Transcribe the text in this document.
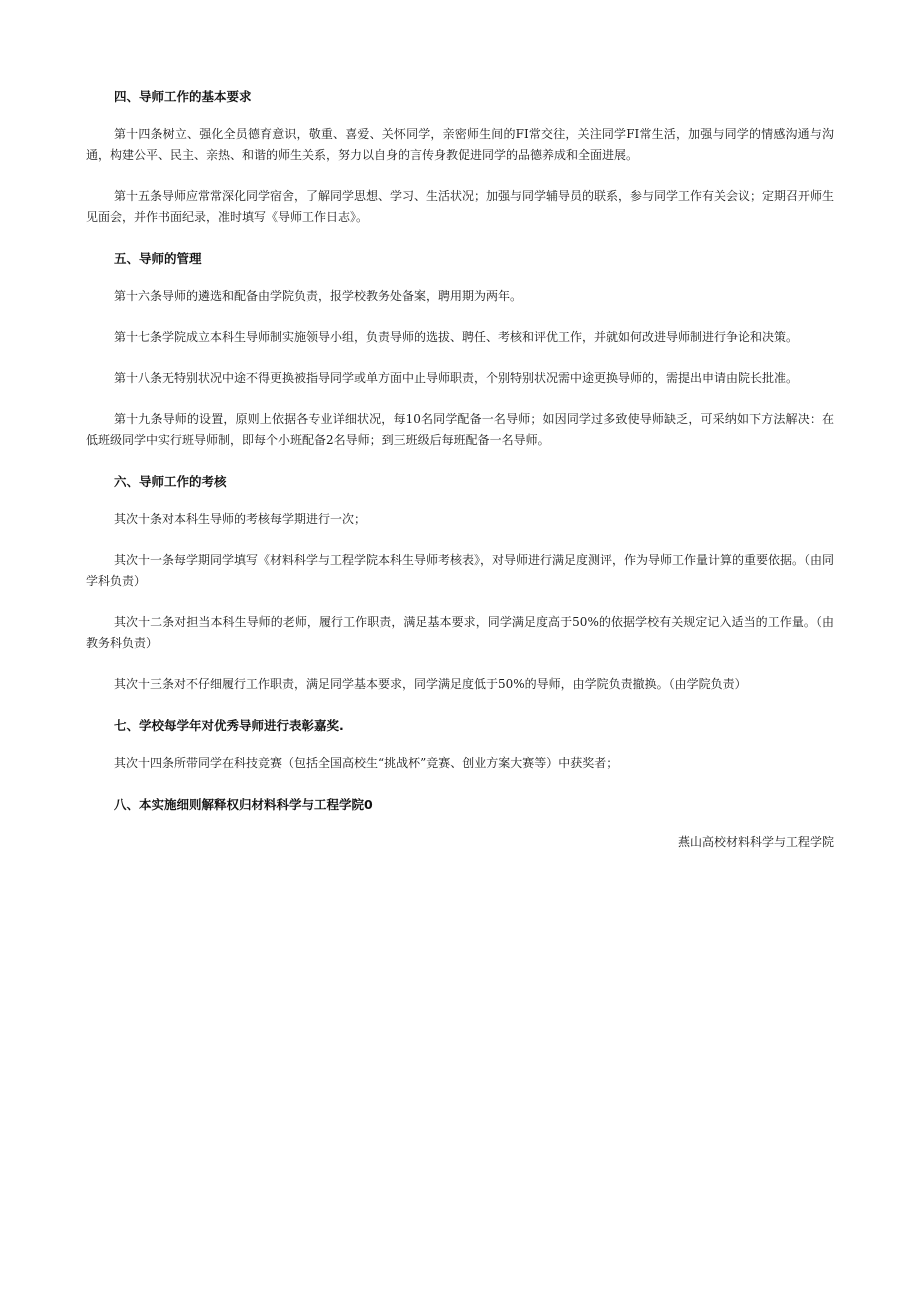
四、导师工作的基本要求

第十四条树立、强化全员德育意识，敬重、喜爱、关怀同学，亲密师生间的FI常交往，关注同学FI常生活，加强与同学的情感沟通与沟通，构建公平、民主、亲热、和谐的师生关系，努力以自身的言传身教促进同学的品德养成和全面进展。

第十五条导师应常常深化同学宿舍，了解同学思想、学习、生活状况；加强与同学辅导员的联系，参与同学工作有关会议；定期召开师生见面会，并作书面纪录，准时填写《导师工作日志》。

五、导师的管理

第十六条导师的遴选和配备由学院负责，报学校教务处备案，聘用期为两年。

第十七条学院成立本科生导师制实施领导小组，负责导师的选拔、聘任、考核和评优工作，并就如何改进导师制进行争论和决策。

第十八条无特别状况中途不得更换被指导同学或单方面中止导师职责，个别特别状况需中途更换导师的，需提出申请由院长批准。

第十九条导师的设置，原则上依据各专业详细状况，每10名同学配备一名导师；如因同学过多致使导师缺乏，可采纳如下方法解决：在低班级同学中实行班导师制，即每个小班配备2名导师；到三班级后每班配备一名导师。

六、导师工作的考核

其次十条对本科生导师的考核每学期进行一次；

其次十一条每学期同学填写《材料科学与工程学院本科生导师考核表》，对导师进行满足度测评，作为导师工作量计算的重要依据。（由同学科负责）

其次十二条对担当本科生导师的老师，履行工作职责，满足基本要求，同学满足度高于50%的依据学校有关规定记入适当的工作量。（由教务科负责）

其次十三条对不仔细履行工作职责，满足同学基本要求，同学满足度低于50%的导师，由学院负责撤换。（由学院负责）

七、学校每学年对优秀导师进行表彰嘉奖.

其次十四条所带同学在科技竞赛（包括全国高校生“挑战杯”竞赛、创业方案大赛等）中获奖者；

八、本实施细则解释权归材料科学与工程学院0
燕山高校材料科学与工程学院
